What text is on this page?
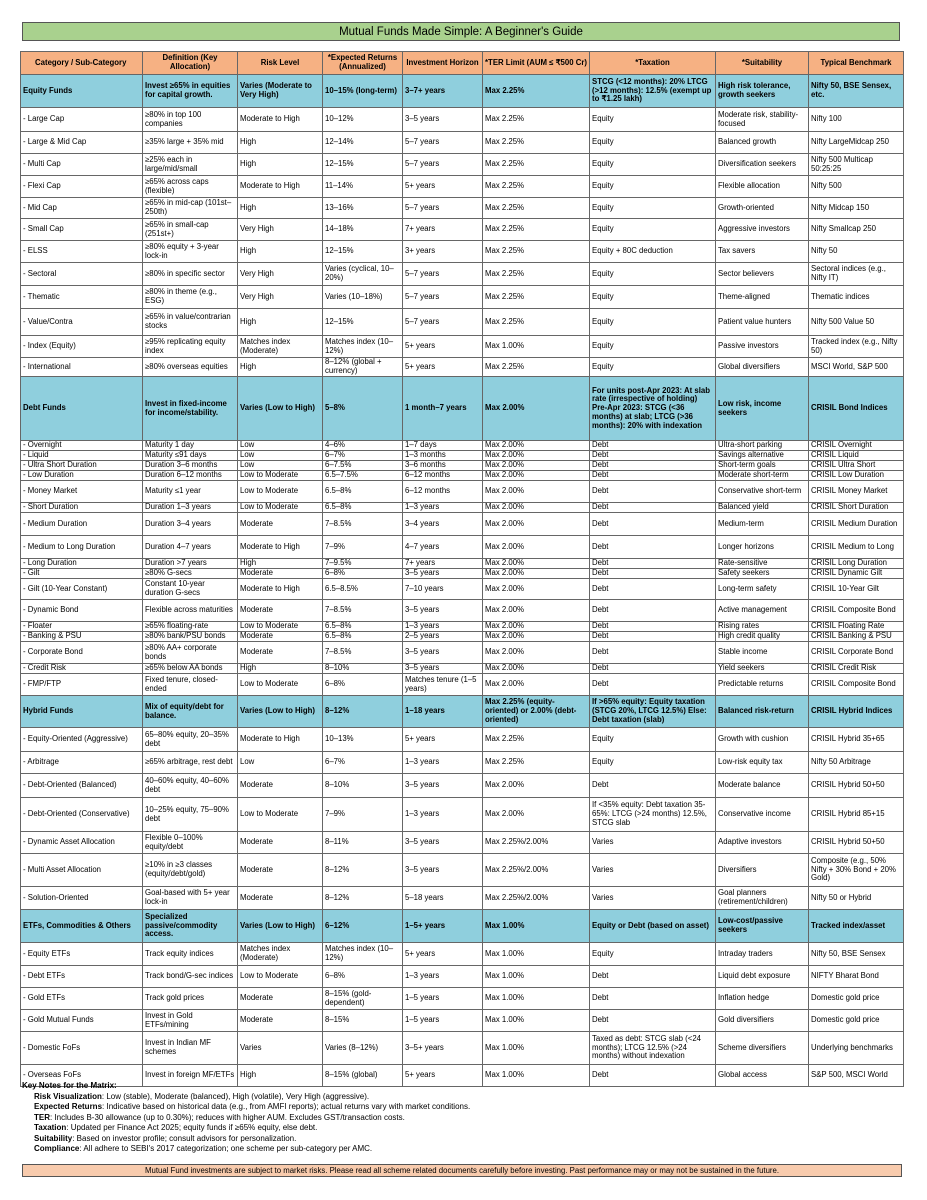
Mutual Funds Made Simple: A Beginner's Guide
Category / Sub-Category	Definition (Key Allocation)	Risk Level	*Expected Returns (Annualized)	Investment Horizon	*TER Limit (AUM ≤ ₹500 Cr)	*Taxation	*Suitability	Typical Benchmark
Equity Funds	Invest ≥65% in equities for capital growth.	Varies (Moderate to Very High)	10–15% (long-term)	3–7+ years	Max 2.25%	STCG (<12 months): 20% LTCG (>12 months): 12.5% (exempt up to ₹1.25 lakh)	High risk tolerance, growth seekers	Nifty 50, BSE Sensex, etc.
- Large Cap	≥80% in top 100 companies	Moderate to High	10–12%	3–5 years	Max 2.25%	Equity	Moderate risk, stability-focused	Nifty 100
- Large & Mid Cap	≥35% large + 35% mid	High	12–14%	5–7 years	Max 2.25%	Equity	Balanced growth	Nifty LargeMidcap 250
- Multi Cap	≥25% each in large/mid/small	High	12–15%	5–7 years	Max 2.25%	Equity	Diversification seekers	Nifty 500 Multicap 50:25:25
- Flexi Cap	≥65% across caps (flexible)	Moderate to High	11–14%	5+ years	Max 2.25%	Equity	Flexible allocation	Nifty 500
- Mid Cap	≥65% in mid-cap (101st–250th)	High	13–16%	5–7 years	Max 2.25%	Equity	Growth-oriented	Nifty Midcap 150
- Small Cap	≥65% in small-cap (251st+)	Very High	14–18%	7+ years	Max 2.25%	Equity	Aggressive investors	Nifty Smallcap 250
- ELSS	≥80% equity + 3-year lock-in	High	12–15%	3+ years	Max 2.25%	Equity + 80C deduction	Tax savers	Nifty 50
- Sectoral	≥80% in specific sector	Very High	Varies (cyclical, 10–20%)	5–7 years	Max 2.25%	Equity	Sector believers	Sectoral indices (e.g., Nifty IT)
- Thematic	≥80% in theme (e.g., ESG)	Very High	Varies (10–18%)	5–7 years	Max 2.25%	Equity	Theme-aligned	Thematic indices
- Value/Contra	≥65% in value/contrarian stocks	High	12–15%	5–7 years	Max 2.25%	Equity	Patient value hunters	Nifty 500 Value 50
- Index (Equity)	≥95% replicating equity index	Matches index (Moderate)	Matches index (10–12%)	5+ years	Max 1.00%	Equity	Passive investors	Tracked index (e.g., Nifty 50)
- International	≥80% overseas equities	High	8–12% (global + currency)	5+ years	Max 2.25%	Equity	Global diversifiers	MSCI World, S&P 500
Debt Funds	Invest in fixed-income for income/stability.	Varies (Low to High)	5–8%	1 month–7 years	Max 2.00%	For units post-Apr 2023: At slab rate (irrespective of holding) Pre-Apr 2023: STCG (<36 months) at slab; LTCG (>36 months): 20% with indexation	Low risk, income seekers	CRISIL Bond Indices
- Overnight	Maturity 1 day	Low	4–6%	1–7 days	Max 2.00%	Debt	Ultra-short parking	CRISIL Overnight
- Liquid	Maturity ≤91 days	Low	6–7%	1–3 months	Max 2.00%	Debt	Savings alternative	CRISIL Liquid
- Ultra Short Duration	Duration 3–6 months	Low	6–7.5%	3–6 months	Max 2.00%	Debt	Short-term goals	CRISIL Ultra Short
- Low Duration	Duration 6–12 months	Low to Moderate	6.5–7.5%	6–12 months	Max 2.00%	Debt	Moderate short-term	CRISIL Low Duration
- Money Market	Maturity ≤1 year	Low to Moderate	6.5–8%	6–12 months	Max 2.00%	Debt	Conservative short-term	CRISIL Money Market
- Short Duration	Duration 1–3 years	Low to Moderate	6.5–8%	1–3 years	Max 2.00%	Debt	Balanced yield	CRISIL Short Duration
- Medium Duration	Duration 3–4 years	Moderate	7–8.5%	3–4 years	Max 2.00%	Debt	Medium-term	CRISIL Medium Duration
- Medium to Long Duration	Duration 4–7 years	Moderate to High	7–9%	4–7 years	Max 2.00%	Debt	Longer horizons	CRISIL Medium to Long
- Long Duration	Duration >7 years	High	7–9.5%	7+ years	Max 2.00%	Debt	Rate-sensitive	CRISIL Long Duration
- Gilt	≥80% G-secs	Moderate	6–8%	3–5 years	Max 2.00%	Debt	Safety seekers	CRISIL Dynamic Gilt
- Gilt (10-Year Constant)	Constant 10-year duration G-secs	Moderate to High	6.5–8.5%	7–10 years	Max 2.00%	Debt	Long-term safety	CRISIL 10-Year Gilt
- Dynamic Bond	Flexible across maturities	Moderate	7–8.5%	3–5 years	Max 2.00%	Debt	Active management	CRISIL Composite Bond
- Floater	≥65% floating-rate	Low to Moderate	6.5–8%	1–3 years	Max 2.00%	Debt	Rising rates	CRISIL Floating Rate
- Banking & PSU	≥80% bank/PSU bonds	Moderate	6.5–8%	2–5 years	Max 2.00%	Debt	High credit quality	CRISIL Banking & PSU
- Corporate Bond	≥80% AA+ corporate bonds	Moderate	7–8.5%	3–5 years	Max 2.00%	Debt	Stable income	CRISIL Corporate Bond
- Credit Risk	≥65% below AA bonds	High	8–10%	3–5 years	Max 2.00%	Debt	Yield seekers	CRISIL Credit Risk
- FMP/FTP	Fixed tenure, closed-ended	Low to Moderate	6–8%	Matches tenure (1–5 years)	Max 2.00%	Debt	Predictable returns	CRISIL Composite Bond
Hybrid Funds	Mix of equity/debt for balance.	Varies (Low to High)	8–12%	1–18 years	Max 2.25% (equity-oriented) or 2.00% (debt-oriented)	If >65% equity: Equity taxation (STCG 20%, LTCG 12.5%) Else: Debt taxation (slab)	Balanced risk-return	CRISIL Hybrid Indices
- Equity-Oriented (Aggressive)	65–80% equity, 20–35% debt	Moderate to High	10–13%	5+ years	Max 2.25%	Equity	Growth with cushion	CRISIL Hybrid 35+65
- Arbitrage	≥65% arbitrage, rest debt	Low	6–7%	1–3 years	Max 2.25%	Equity	Low-risk equity tax	Nifty 50 Arbitrage
- Debt-Oriented (Balanced)	40–60% equity, 40–60% debt	Moderate	8–10%	3–5 years	Max 2.00%	Debt	Moderate balance	CRISIL Hybrid 50+50
- Debt-Oriented (Conservative)	10–25% equity, 75–90% debt	Low to Moderate	7–9%	1–3 years	Max 2.00%	If <35% equity: Debt taxation 35-65%: LTCG (>24 months) 12.5%, STCG slab	Conservative income	CRISIL Hybrid 85+15
- Dynamic Asset Allocation	Flexible 0–100% equity/debt	Moderate	8–11%	3–5 years	Max 2.25%/2.00%	Varies	Adaptive investors	CRISIL Hybrid 50+50
- Multi Asset Allocation	≥10% in ≥3 classes (equity/debt/gold)	Moderate	8–12%	3–5 years	Max 2.25%/2.00%	Varies	Diversifiers	Composite (e.g., 50% Nifty + 30% Bond + 20% Gold)
- Solution-Oriented	Goal-based with 5+ year lock-in	Moderate	8–12%	5–18 years	Max 2.25%/2.00%	Varies	Goal planners (retirement/children)	Nifty 50 or Hybrid
ETFs, Commodities & Others	Specialized passive/commodity access.	Varies (Low to High)	6–12%	1–5+ years	Max 1.00%	Equity or Debt (based on asset)	Low-cost/passive seekers	Tracked index/asset
- Equity ETFs	Track equity indices	Matches index (Moderate)	Matches index (10–12%)	5+ years	Max 1.00%	Equity	Intraday traders	Nifty 50, BSE Sensex
- Debt ETFs	Track bond/G-sec indices	Low to Moderate	6–8%	1–3 years	Max 1.00%	Debt	Liquid debt exposure	NIFTY Bharat Bond
- Gold ETFs	Track gold prices	Moderate	8–15% (gold-dependent)	1–5 years	Max 1.00%	Debt	Inflation hedge	Domestic gold price
- Gold Mutual Funds	Invest in Gold ETFs/mining	Moderate	8–15%	1–5 years	Max 1.00%	Debt	Gold diversifiers	Domestic gold price
- Domestic FoFs	Invest in Indian MF schemes	Varies	Varies (8–12%)	3–5+ years	Max 1.00%	Taxed as debt: STCG slab (<24 months); LTCG 12.5% (>24 months) without indexation	Scheme diversifiers	Underlying benchmarks
- Overseas FoFs	Invest in foreign MF/ETFs	High	8–15% (global)	5+ years	Max 1.00%	Debt	Global access	S&P 500, MSCI World
Key Notes for the Matrix:
Risk Visualization: Low (stable), Moderate (balanced), High (volatile), Very High (aggressive).
Expected Returns: Indicative based on historical data (e.g., from AMFI reports); actual returns vary with market conditions.
TER: Includes B-30 allowance (up to 0.30%); reduces with higher AUM. Excludes GST/transaction costs.
Taxation: Updated per Finance Act 2025; equity funds if ≥65% equity, else debt.
Suitability: Based on investor profile; consult advisors for personalization.
Compliance: All adhere to SEBI's 2017 categorization; one scheme per sub-category per AMC.
Mutual Fund investments are subject to market risks. Please read all scheme related documents carefully before investing. Past performance may or may not be sustained in the future.
